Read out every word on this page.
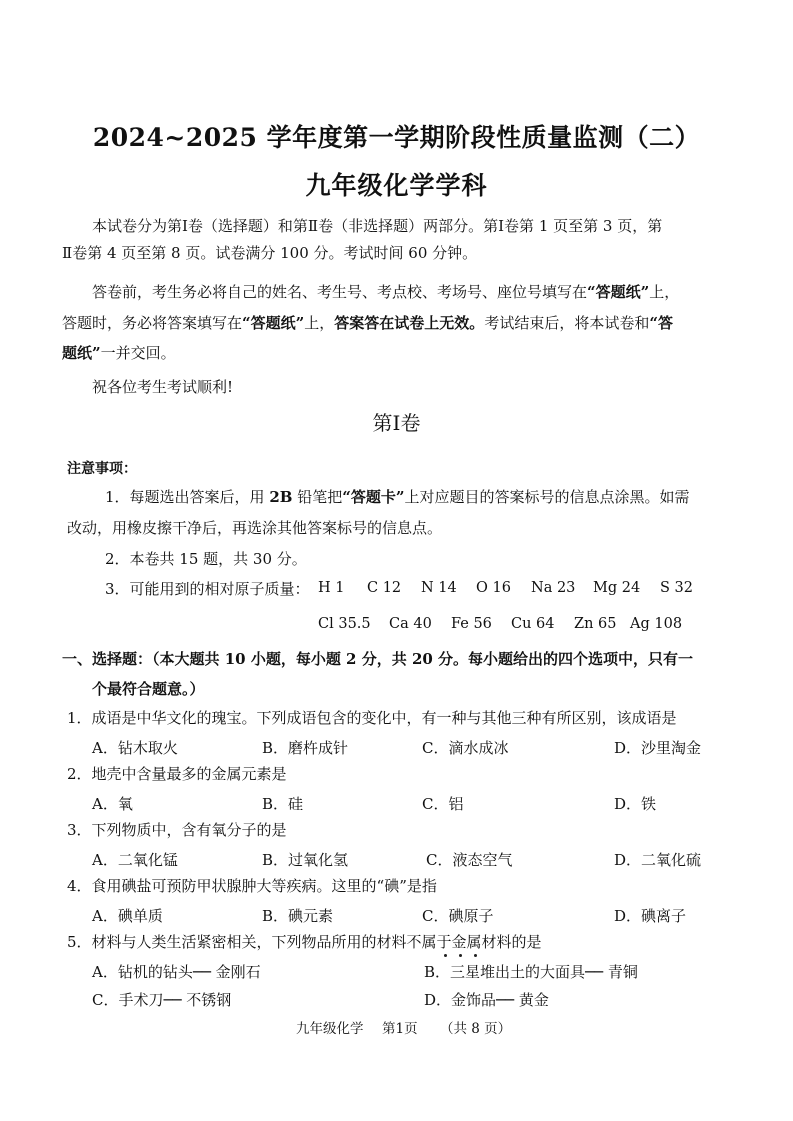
2024~2025 学年度第一学期阶段性质量监测（二）
九年级化学学科
本试卷分为第Ⅰ卷（选择题）和第Ⅱ卷（非选择题）两部分。第Ⅰ卷第 1 页至第 3 页，第
Ⅱ卷第 4 页至第 8 页。试卷满分 100 分。考试时间 60 分钟。
答卷前，考生务必将自己的姓名、考生号、考点校、考场号、座位号填写在“答题纸”上，
答题时，务必将答案填写在“答题纸”上，答案答在试卷上无效。考试结束后，将本试卷和“答
题纸”一并交回。
祝各位考生考试顺利!
第Ⅰ卷
注意事项：
1．每题选出答案后，用 2B 铅笔把“答题卡”上对应题目的答案标号的信息点涂黑。如需
改动，用橡皮擦干净后，再选涂其他答案标号的信息点。
2．本卷共 15 题，共 30 分。
3．可能用到的相对原子质量： H 1 C 12 N 14 O 16 Na 23 Mg 24 S 32
Cl 35.5 Ca 40 Fe 56 Cu 64 Zn 65 Ag 108
一、选择题：（本大题共 10 小题，每小题 2 分，共 20 分。每小题给出的四个选项中，只有一
个最符合题意。）
1．成语是中华文化的瑰宝。下列成语包含的变化中，有一种与其他三种有所区别，该成语是
A．钻木取火	B．磨杵成针	C．滴水成冰	D．沙里淘金
2．地壳中含量最多的金属元素是
A．氧	B．硅	C．铝	D．铁
3．下列物质中，含有氧分子的是
A．二氧化锰	B．过氧化氢	C．液态空气	D．二氧化硫
4．食用碘盐可预防甲状腺肿大等疾病。这里的“碘”是指
A．碘单质	B．碘元素	C．碘原子	D．碘离子
5．材料与人类生活紧密相关，下列物品所用的材料不属于金属材料的是
A．钻机的钻头── 金刚石	B．三星堆出土的大面具── 青铜
C．手术刀── 不锈钢	D．金饰品── 黄金
九年级化学 第1页 （共 8 页）
